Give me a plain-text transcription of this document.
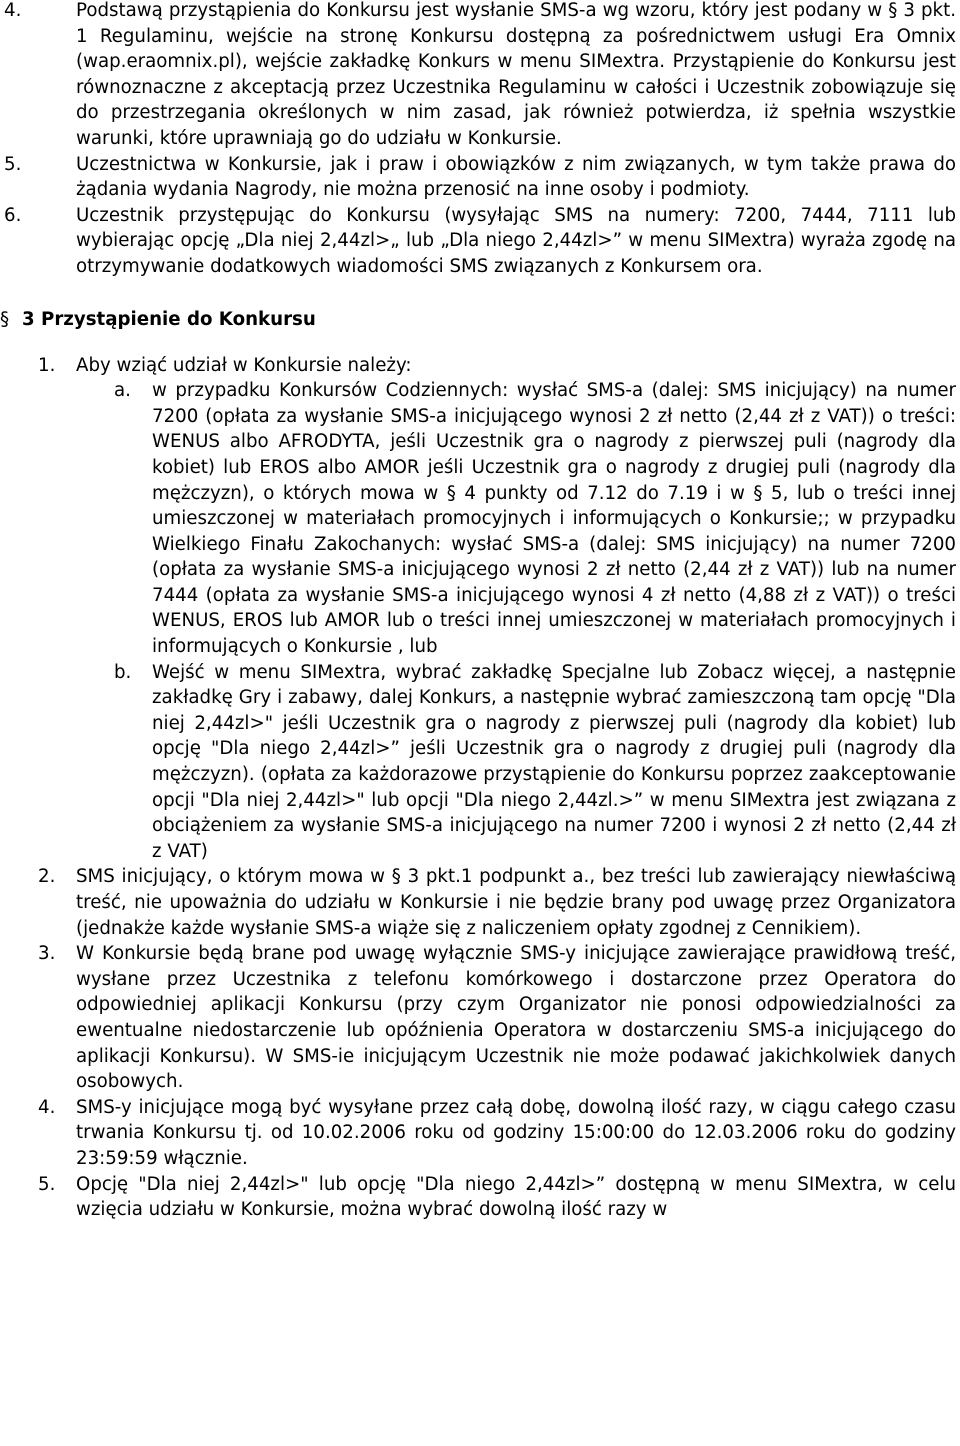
4.	Podstawą przystąpienia do Konkursu jest wysłanie SMS-a wg wzoru, który jest podany w § 3 pkt. 1 Regulaminu, wejście na stronę Konkursu dostępną za pośrednictwem usługi Era Omnix (wap.eraomnix.pl), wejście zakładkę Konkurs w menu SIMextra. Przystąpienie do Konkursu jest równoznaczne z akceptacją przez Uczestnika Regulaminu w całości i Uczestnik zobowiązuje się do przestrzegania określonych w nim zasad, jak również potwierdza, iż spełnia wszystkie warunki, które uprawniają go do udziału w Konkursie.
5.	Uczestnictwa w Konkursie, jak i praw i obowiązków z nim związanych, w tym także prawa do żądania wydania Nagrody, nie można przenosić na inne osoby i podmioty.
6.	Uczestnik przystępując do Konkursu (wysyłając SMS na numery: 7200, 7444, 7111 lub wybierając opcję „Dla niej 2,44zl>„ lub „Dla niego 2,44zl>” w menu SIMextra) wyraża zgodę na otrzymywanie dodatkowych wiadomości SMS związanych z Konkursem ora.
§ 3 Przystąpienie do Konkursu
1. Aby wziąć udział w Konkursie należy:
a. w przypadku Konkursów Codziennych: wysłać SMS-a (dalej: SMS inicjujący) na numer 7200 (opłata za wysłanie SMS-a inicjującego wynosi 2 zł netto (2,44 zł z VAT)) o treści: WENUS albo AFRODYTA, jeśli Uczestnik gra o nagrody z pierwszej puli (nagrody dla kobiet) lub EROS albo AMOR jeśli Uczestnik gra o nagrody z drugiej puli (nagrody dla mężczyzn), o których mowa w § 4 punkty od 7.12 do 7.19 i w § 5, lub o treści innej umieszczonej w materiałach promocyjnych i informujących o Konkursie;; w przypadku Wielkiego Finału Zakochanych: wysłać SMS-a (dalej: SMS inicjujący) na numer 7200 (opłata za wysłanie SMS-a inicjującego wynosi 2 zł netto (2,44 zł z VAT)) lub na numer 7444 (opłata za wysłanie SMS-a inicjującego wynosi 4 zł netto (4,88 zł z VAT)) o treści WENUS, EROS lub AMOR lub o treści innej umieszczonej w materiałach promocyjnych i informujących o Konkursie , lub
b. Wejść w menu SIMextra, wybrać zakładkę Specjalne lub Zobacz więcej, a następnie zakładkę Gry i zabawy, dalej Konkurs, a następnie wybrać zamieszczoną tam opcję "Dla niej 2,44zl>" jeśli Uczestnik gra o nagrody z pierwszej puli (nagrody dla kobiet) lub opcję "Dla niego 2,44zl>” jeśli Uczestnik gra o nagrody z drugiej puli (nagrody dla mężczyzn). (opłata za każdorazowe przystąpienie do Konkursu poprzez zaakceptowanie opcji "Dla niej 2,44zl>" lub opcji "Dla niego 2,44zl.>” w menu SIMextra jest związana z obciążeniem za wysłanie SMS-a inicjującego na numer 7200 i wynosi 2 zł netto (2,44 zł z VAT)
2. SMS inicjujący, o którym mowa w § 3 pkt.1 podpunkt a., bez treści lub zawierający niewłaściwą treść, nie upoważnia do udziału w Konkursie i nie będzie brany pod uwagę przez Organizatora (jednakże każde wysłanie SMS-a wiąże się z naliczeniem opłaty zgodnej z Cennikiem).
3. W Konkursie będą brane pod uwagę wyłącznie SMS-y inicjujące zawierające prawidłową treść, wysłane przez Uczestnika z telefonu komórkowego i dostarczone przez Operatora do odpowiedniej aplikacji Konkursu (przy czym Organizator nie ponosi odpowiedzialności za ewentualne niedostarczenie lub opóźnienia Operatora w dostarczeniu SMS-a inicjującego do aplikacji Konkursu). W SMS-ie inicjującym Uczestnik nie może podawać jakichkolwiek danych osobowych.
4. SMS-y inicjujące mogą być wysyłane przez całą dobę, dowolną ilość razy, w ciągu całego czasu trwania Konkursu tj. od 10.02.2006 roku od godziny 15:00:00 do 12.03.2006 roku do godziny 23:59:59 włącznie.
5. Opcję "Dla niej 2,44zl>" lub opcję "Dla niego 2,44zl>” dostępną w menu SIMextra, w celu wzięcia udziału w Konkursie, można wybrać dowolną ilość razy w
